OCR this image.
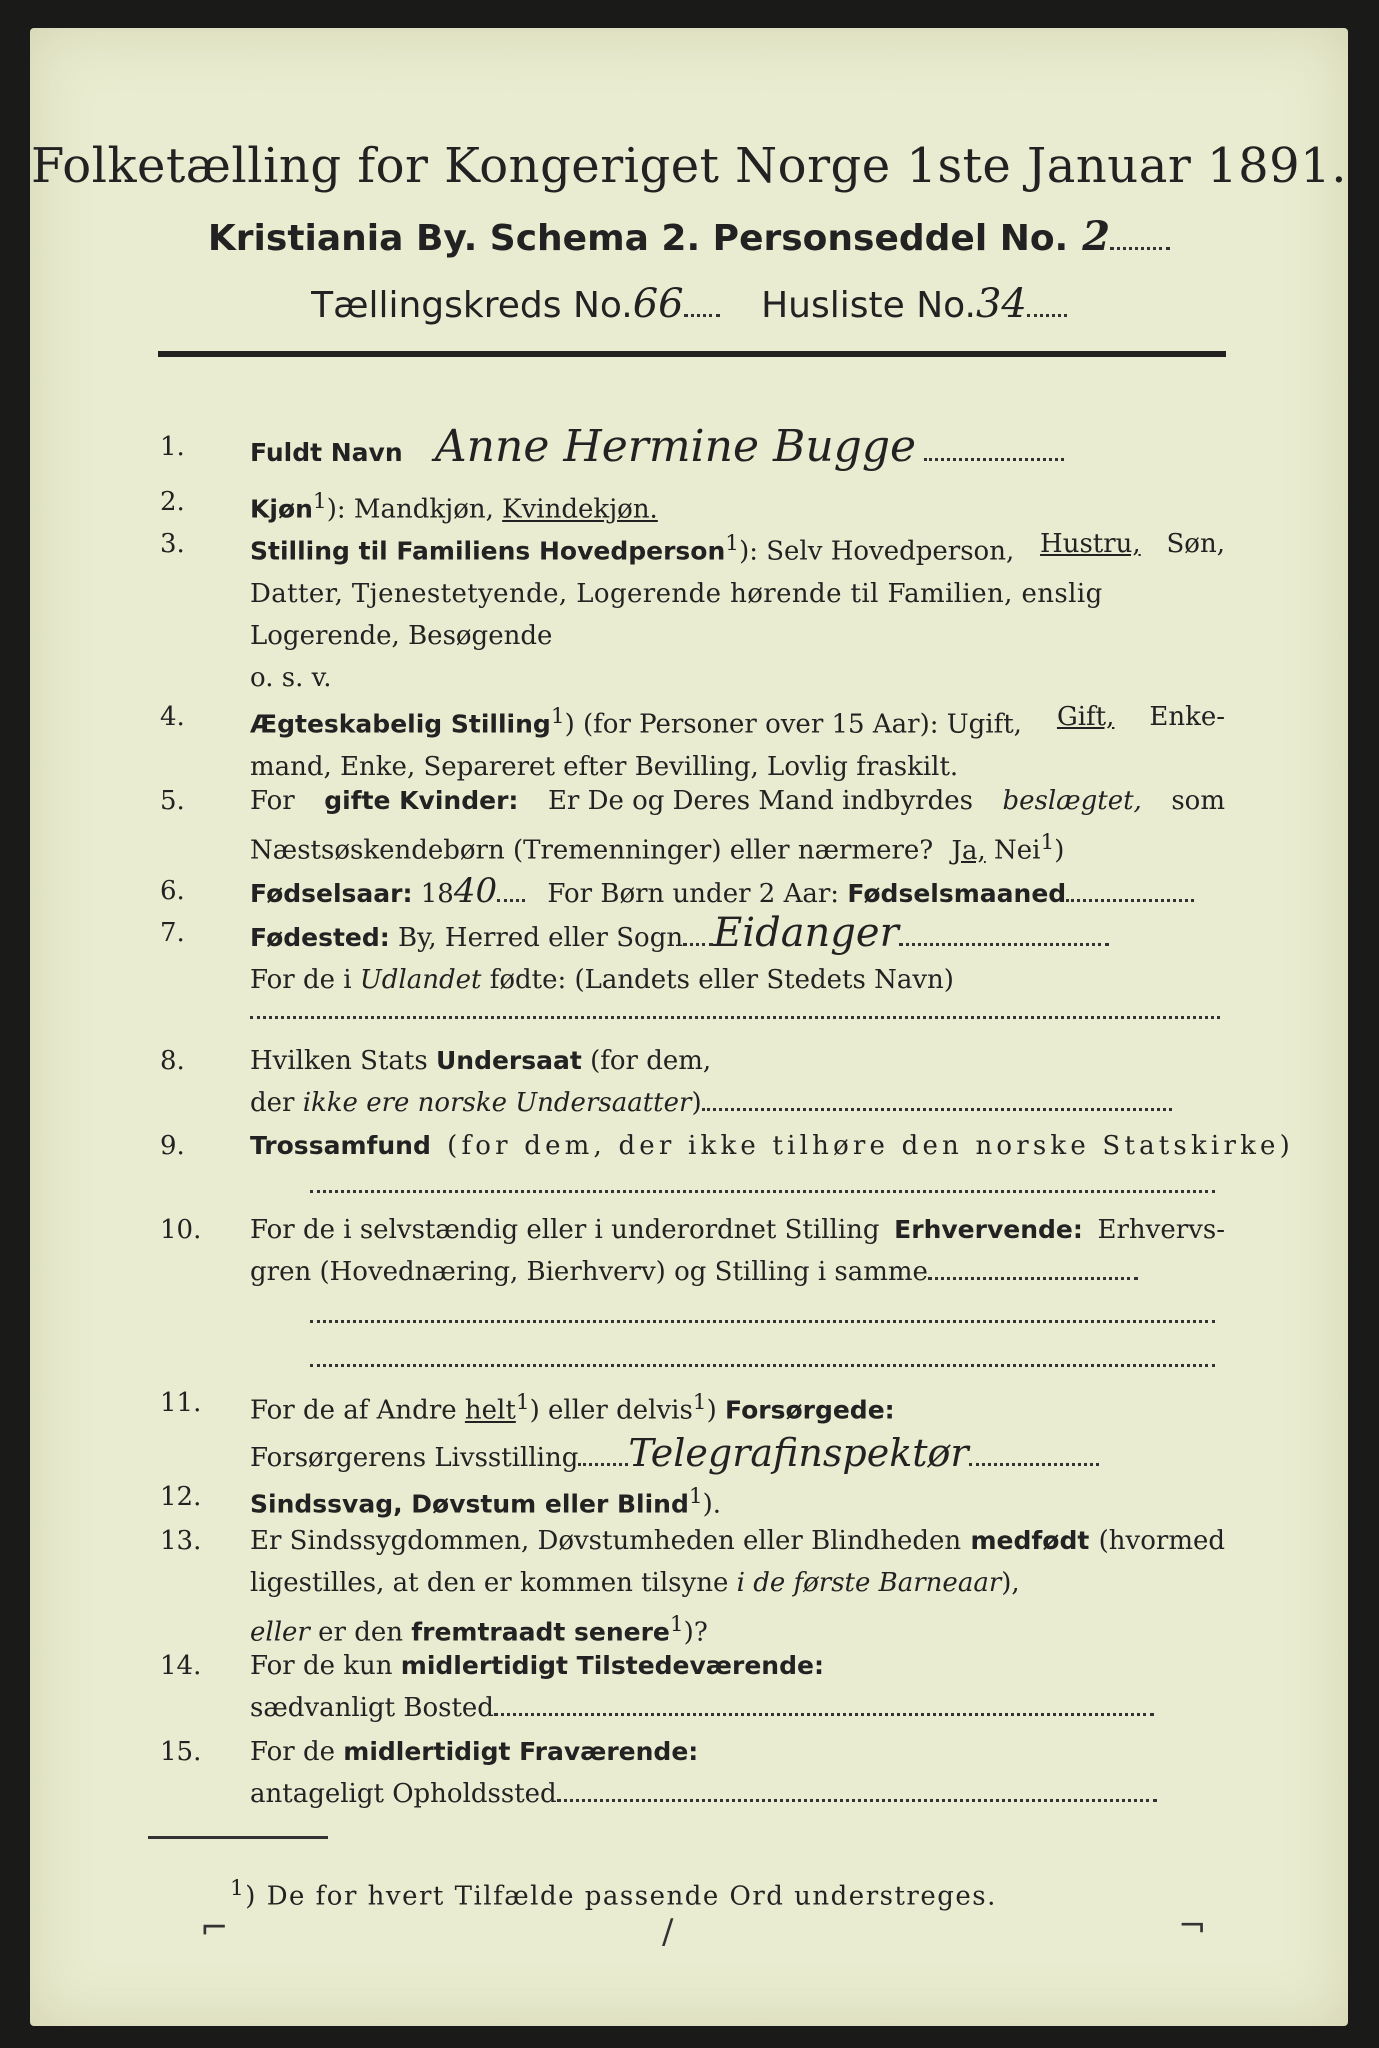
Folketælling for Kongeriget Norge 1ste Januar 1891.
Kristiania By. Schema 2. Personseddel No. 2
Tællingskreds No.66 Husliste No.34
1.	Fuldt Navn Anne Hermine Bugge
2.	Kjøn$^1$): Mandkjøn, Kvindekjøn.
3.	Stilling til Familiens Hovedperson$^1$): Selv Hovedperson, Hustru, Søn,
Datter, Tjenestetyende, Logerende hørende til Familien, enslig
Logerende, Besøgende
o. s. v.
4.	Ægteskabelig Stilling$^1$) (for Personer over 15 Aar): Ugift, Gift, Enke-
mand, Enke, Separeret efter Bevilling, Lovlig fraskilt.
5.	For gifte Kvinder: Er De og Deres Mand indbyrdes beslægtet, som
Næstsøskendebørn (Tremenninger) eller nærmere? Ja, Nei$^1$)
6.	Fødselsaar: 1840 For Børn under 2 Aar: Fødselsmaaned
7.	Fødested: By, Herred eller Sogn Eidanger
For de i Udlandet fødte: (Landets eller Stedets Navn)
8.	Hvilken Stats Undersaat (for dem,
der ikke ere norske Undersaatter)
9.	Trossamfund (for dem, der ikke tilhøre den norske Statskirke)
10.	For de i selvstændig eller i underordnet Stilling Erhvervende: Erhvervs-
gren (Hovednæring, Bierhverv) og Stilling i samme
11.	For de af Andre helt$^1$) eller delvis$^1$) Forsørgede:
Forsørgerens Livsstilling Telegrafinspektør
12.	Sindssvag, Døvstum eller Blind$^1$).
13.	Er Sindssygdommen, Døvstumheden eller Blindheden medfødt (hvormed
ligestilles, at den er kommen tilsyne i de første Barneaar),
eller er den fremtraadt senere$^1$)?
14.	For de kun midlertidigt Tilstedeværende:
sædvanligt Bosted
15.	For de midlertidigt Fraværende:
antageligt Opholdssted
$^1$) De for hvert Tilfælde passende Ord understreges.
⌐	/	¬
